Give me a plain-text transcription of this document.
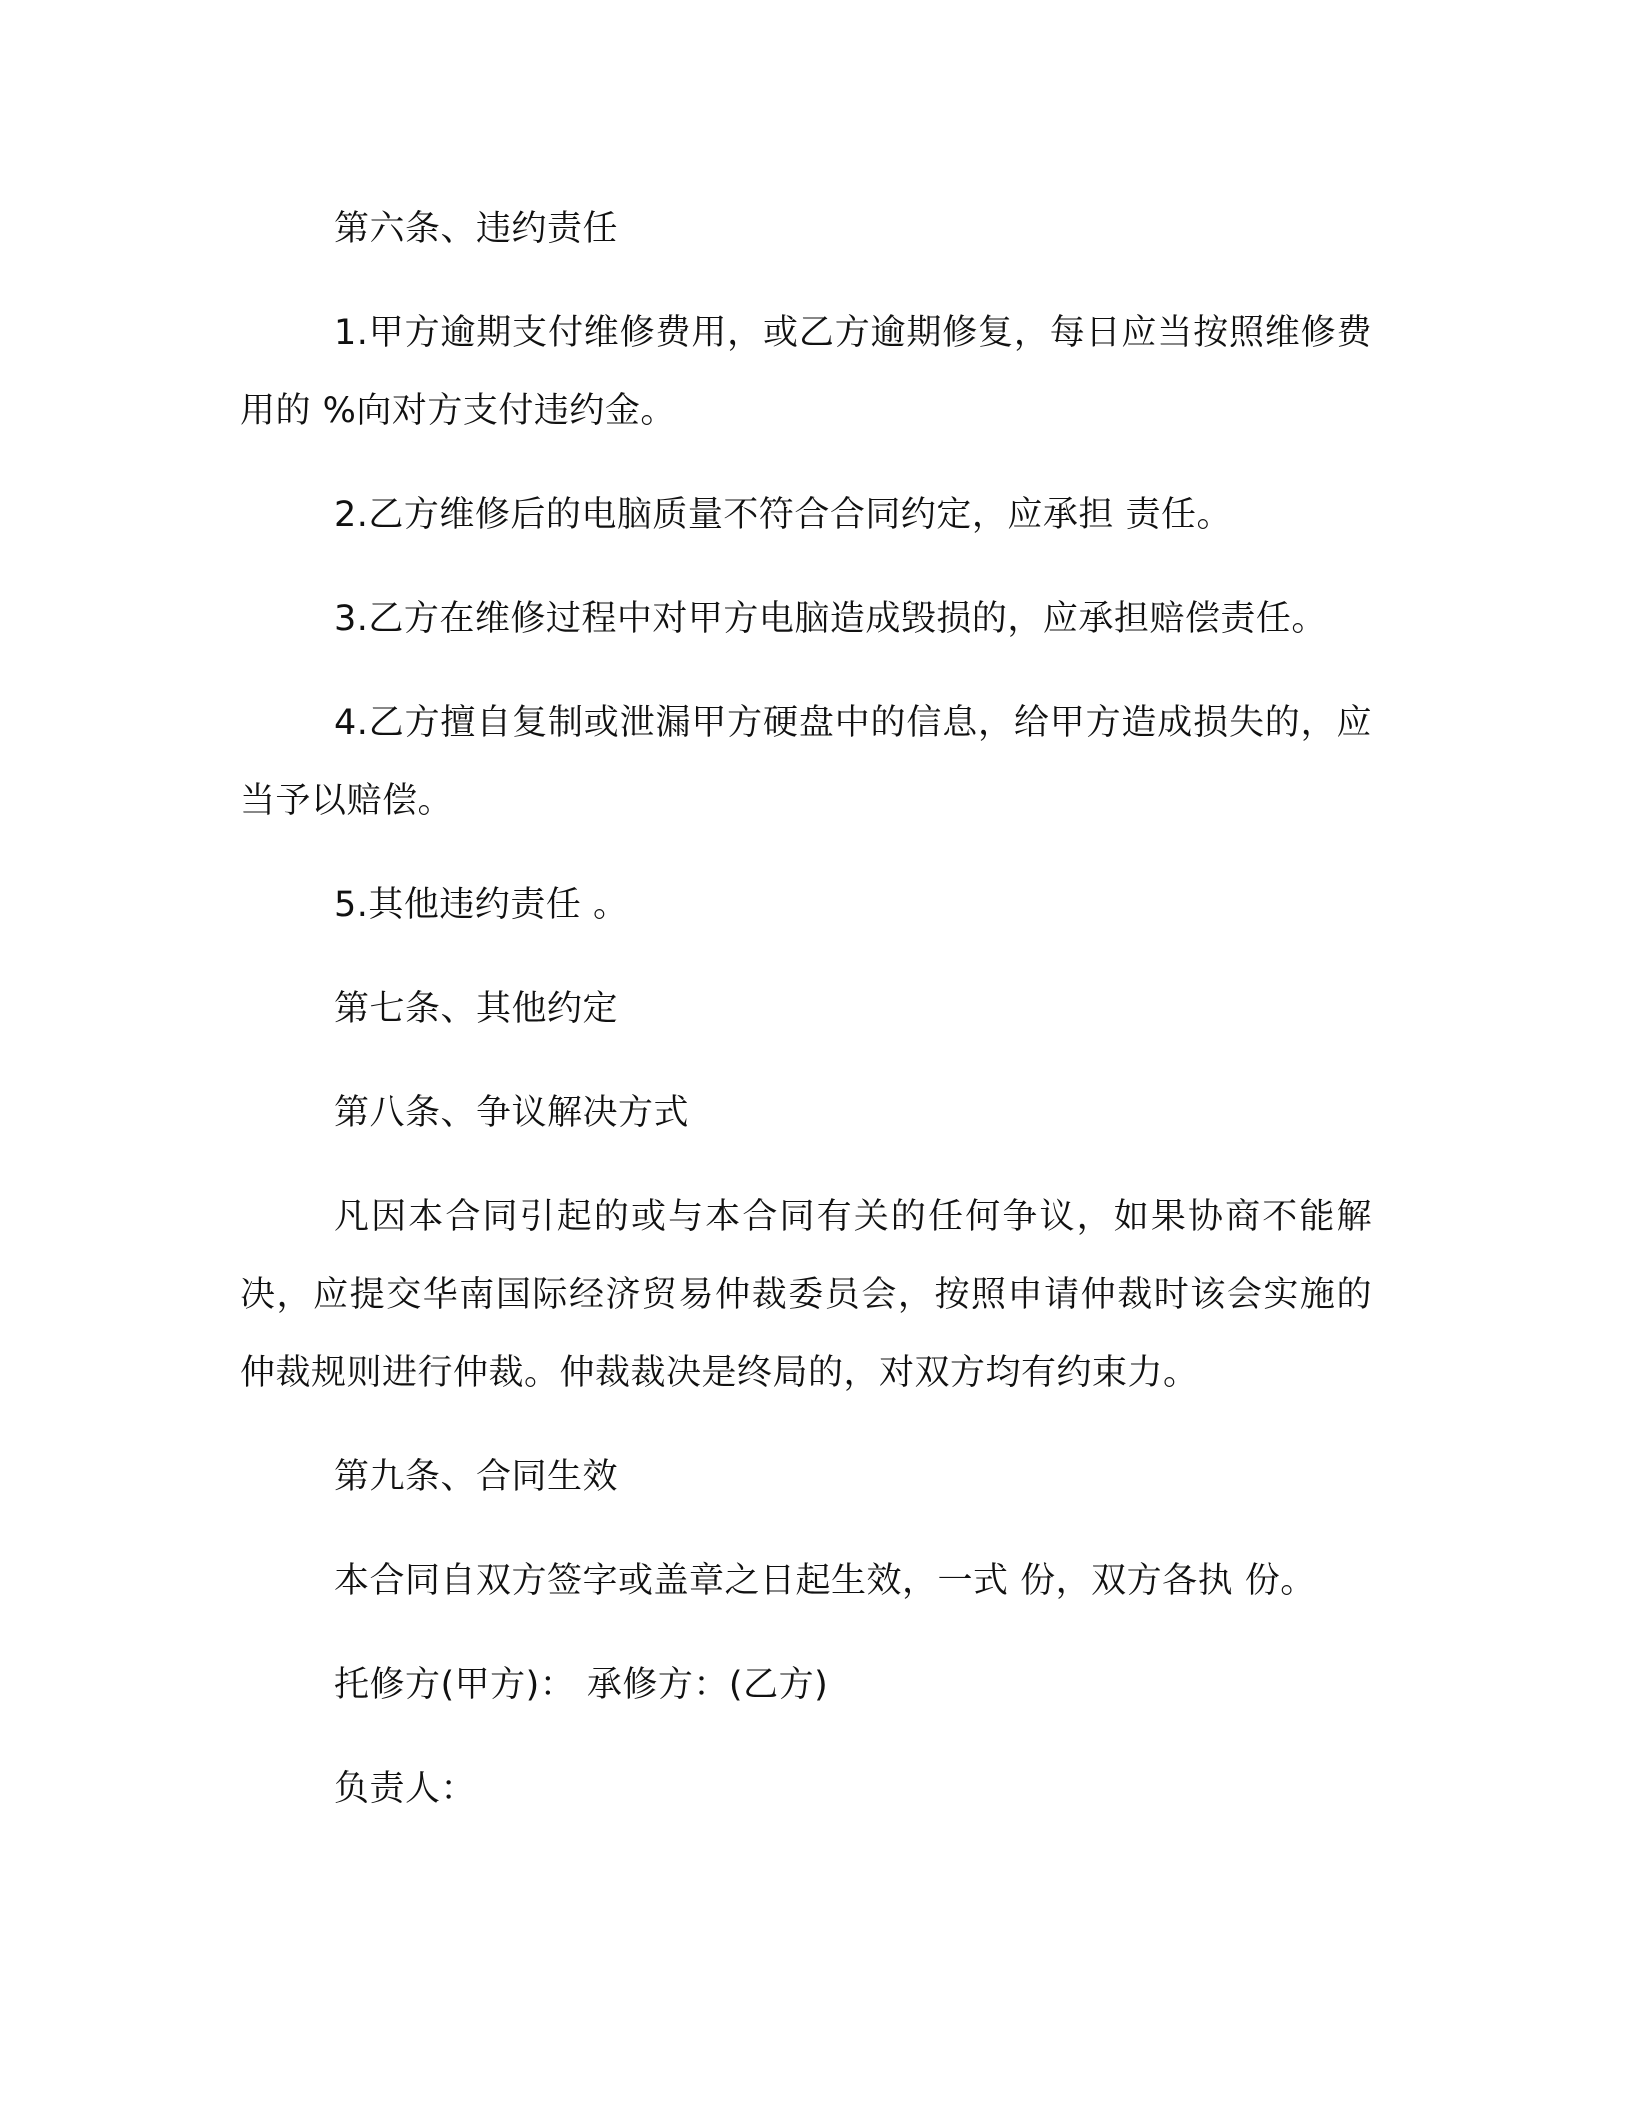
第六条、违约责任

1.甲方逾期支付维修费用，或乙方逾期修复，每日应当按照维修费用的 %向对方支付违约金。

2.乙方维修后的电脑质量不符合合同约定，应承担 责任。

3.乙方在维修过程中对甲方电脑造成毁损的，应承担赔偿责任。

4.乙方擅自复制或泄漏甲方硬盘中的信息，给甲方造成损失的，应当予以赔偿。

5.其他违约责任 。

第七条、其他约定

第八条、争议解决方式

凡因本合同引起的或与本合同有关的任何争议，如果协商不能解决，应提交华南国际经济贸易仲裁委员会，按照申请仲裁时该会实施的仲裁规则进行仲裁。仲裁裁决是终局的，对双方均有约束力。

第九条、合同生效

本合同自双方签字或盖章之日起生效，一式 份，双方各执 份。

托修方(甲方)： 承修方：(乙方)

负责人：
